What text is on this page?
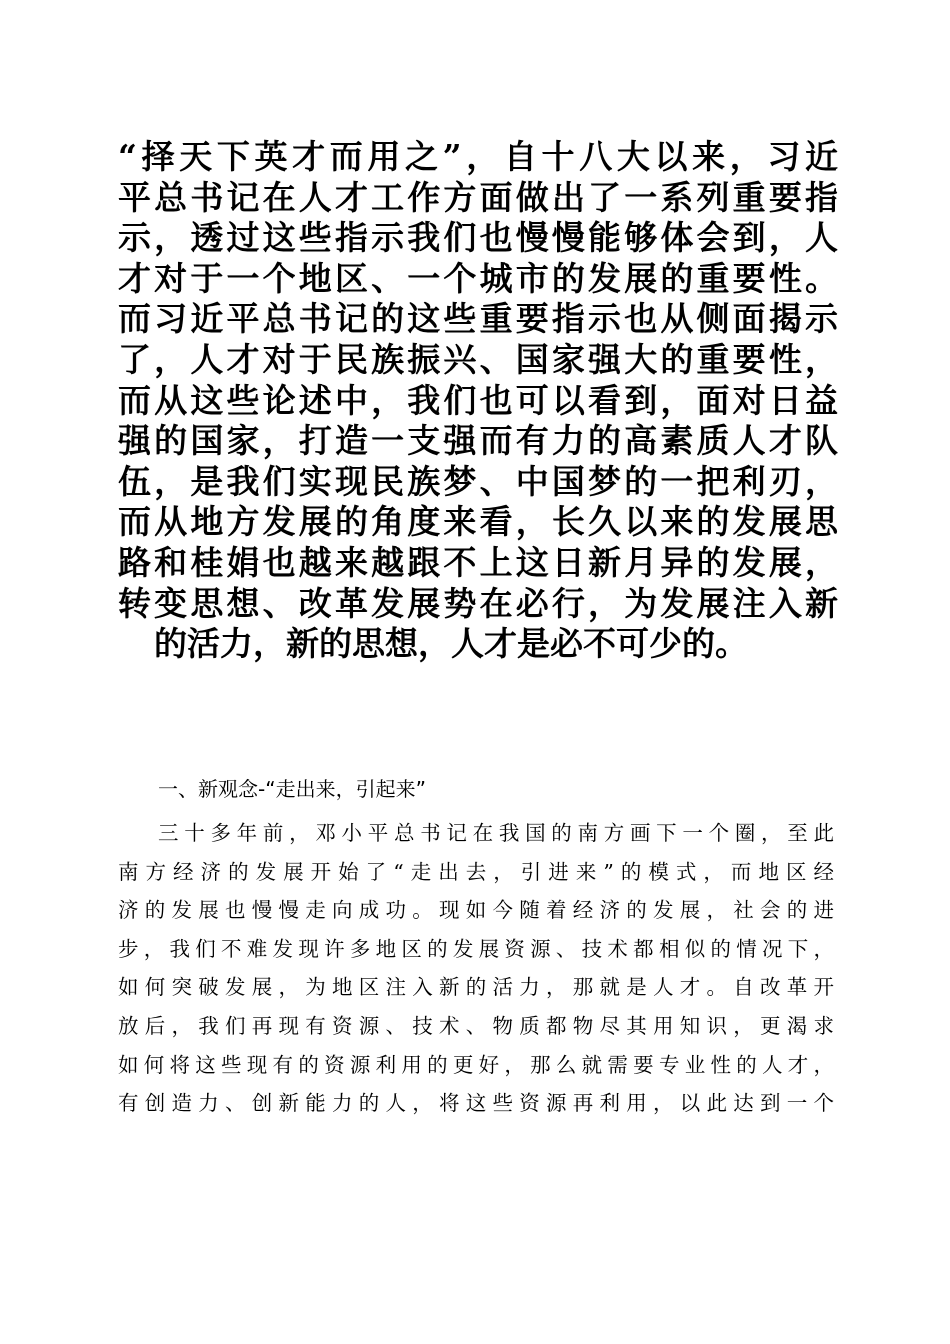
“择天下英才而用之”，自十八大以来，习近
平总书记在人才工作方面做出了一系列重要指
示，透过这些指示我们也慢慢能够体会到，人
才对于一个地区、一个城市的发展的重要性。
而习近平总书记的这些重要指示也从侧面揭示
了，人才对于民族振兴、国家强大的重要性，
而从这些论述中，我们也可以看到，面对日益
强的国家，打造一支强而有力的高素质人才队
伍，是我们实现民族梦、中国梦的一把利刃，
而从地方发展的角度来看，长久以来的发展思
路和桂娟也越来越跟不上这日新月异的发展，
转变思想、改革发展势在必行，为发展注入新
的活力，新的思想，人才是必不可少的。
一、新观念-“走出来，引起来”
三十多年前，邓小平总书记在我国的南方画下一个圈，至此
南方经济的发展开始了“走出去，引进来”的模式，而地区经
济的发展也慢慢走向成功。现如今随着经济的发展，社会的进
步，我们不难发现许多地区的发展资源、技术都相似的情况下，
如何突破发展，为地区注入新的活力，那就是人才。自改革开
放后，我们再现有资源、技术、物质都物尽其用知识，更渴求
如何将这些现有的资源利用的更好，那么就需要专业性的人才，
有创造力、创新能力的人，将这些资源再利用，以此达到一个
